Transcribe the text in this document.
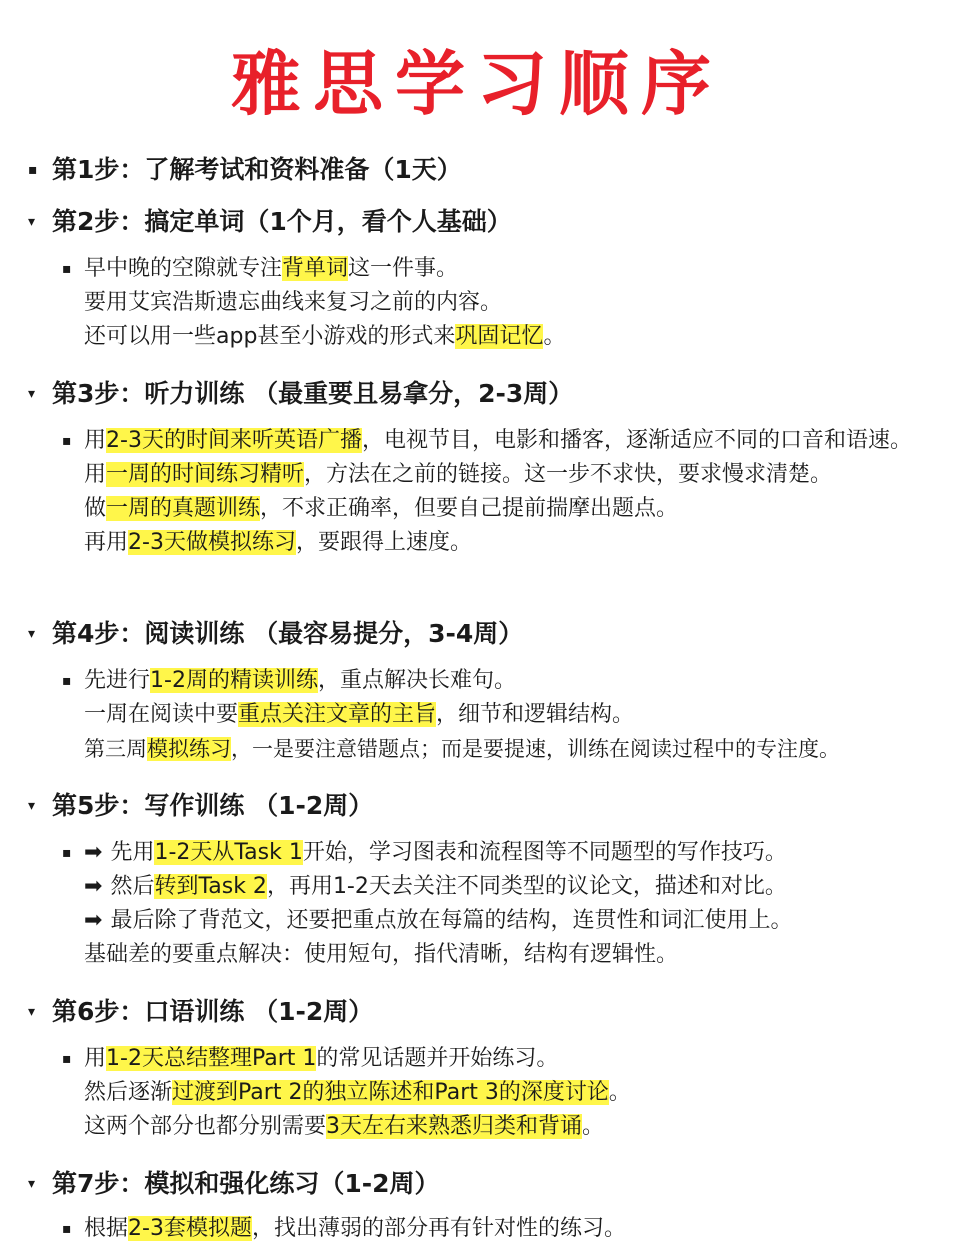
雅思学习顺序
▪ 第1步：了解考试和资料准备（1天）
▾ 第2步：搞定单词（1个月，看个人基础）
▪ 早中晚的空隙就专注背单词这一件事。
要用艾宾浩斯遗忘曲线来复习之前的内容。
还可以用一些app甚至小游戏的形式来巩固记忆。
▾ 第3步：听力训练 （最重要且易拿分，2-3周）
▪ 用2-3天的时间来听英语广播，电视节目，电影和播客，逐渐适应不同的口音和语速。
用一周的时间练习精听，方法在之前的链接。这一步不求快，要求慢求清楚。
做一周的真题训练，不求正确率，但要自己提前揣摩出题点。
再用2-3天做模拟练习，要跟得上速度。
▾ 第4步：阅读训练 （最容易提分，3-4周）
▪ 先进行1-2周的精读训练，重点解决长难句。
一周在阅读中要重点关注文章的主旨，细节和逻辑结构。
第三周模拟练习，一是要注意错题点；而是要提速，训练在阅读过程中的专注度。
▾ 第5步：写作训练 （1-2周）
▪ ➡ 先用1-2天从Task 1开始，学习图表和流程图等不同题型的写作技巧。
➡ 然后转到Task 2，再用1-2天去关注不同类型的议论文，描述和对比。
➡ 最后除了背范文，还要把重点放在每篇的结构，连贯性和词汇使用上。
基础差的要重点解决：使用短句，指代清晰，结构有逻辑性。
▾ 第6步：口语训练 （1-2周）
▪ 用1-2天总结整理Part 1的常见话题并开始练习。
然后逐渐过渡到Part 2的独立陈述和Part 3的深度讨论。
这两个部分也都分别需要3天左右来熟悉归类和背诵。
▾ 第7步：模拟和强化练习（1-2周）
▪ 根据2-3套模拟题，找出薄弱的部分再有针对性的练习。
